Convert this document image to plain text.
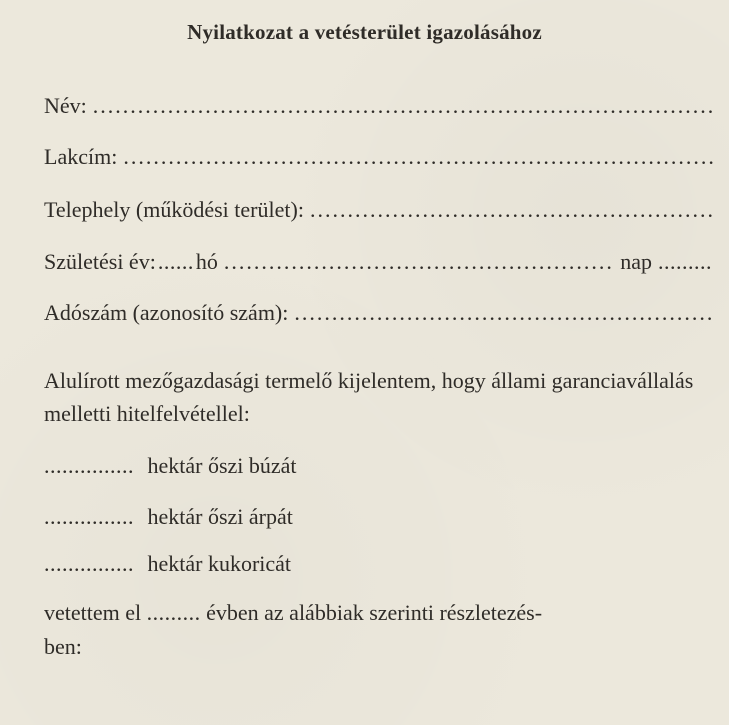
Nyilatkozat a vetésterület igazolásához
Név:
.....
Lakcím:
.....
Telephely (működési terület):
.....
Születési év: ...... hó
.....	nap .........
Adószám (azonosító szám):
.....
Alulírott mezőgazdasági termelő kijelentem, hogy állami garanciavállalás melletti hitelfelvétellel:
............... hektár őszi búzát
............... hektár őszi árpát
............... hektár kukoricát
vetettem el ......... évben az alábbiak szerinti részletezés-
ben:
